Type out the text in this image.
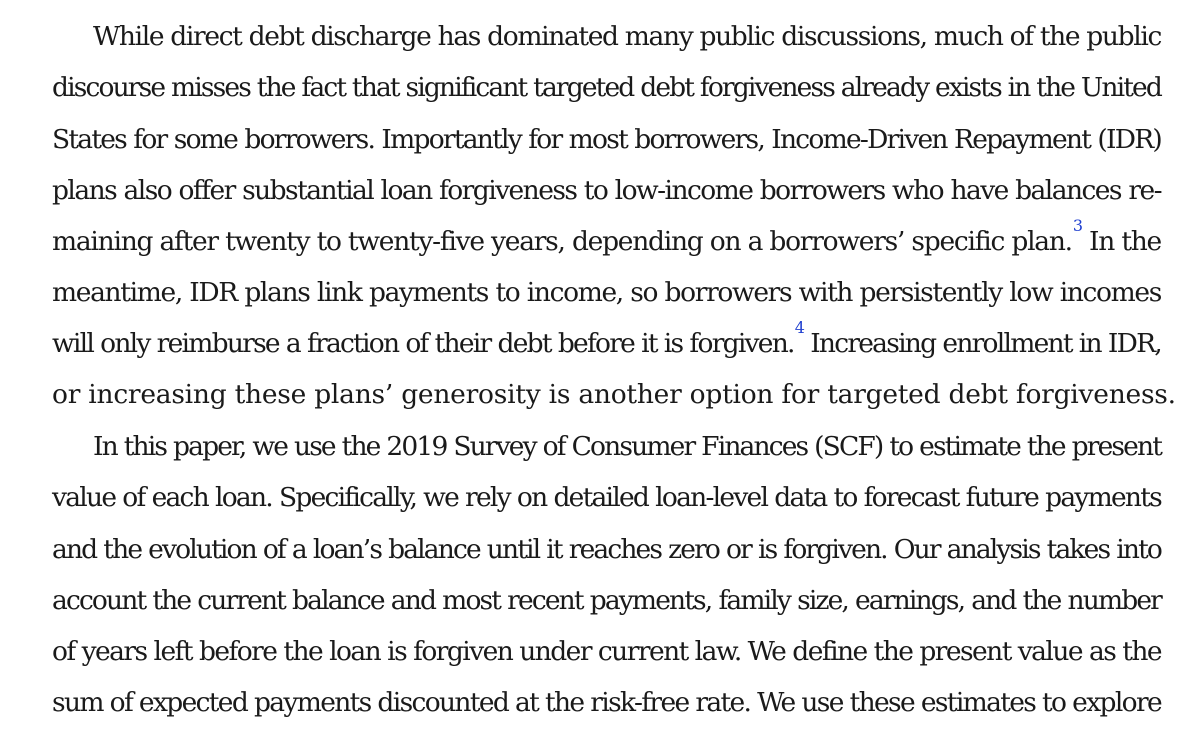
While direct debt discharge has dominated many public discussions, much of the public
discourse misses the fact that significant targeted debt forgiveness already exists in the United
States for some borrowers. Importantly for most borrowers, Income-Driven Repayment (IDR)
plans also offer substantial loan forgiveness to low-income borrowers who have balances re-
maining after twenty to twenty-five years, depending on a borrowers’ specific plan.$^3$ In the
meantime, IDR plans link payments to income, so borrowers with persistently low incomes
will only reimburse a fraction of their debt before it is forgiven.$^4$ Increasing enrollment in IDR,
or increasing these plans’ generosity is another option for targeted debt forgiveness.
In this paper, we use the 2019 Survey of Consumer Finances (SCF) to estimate the present
value of each loan. Specifically, we rely on detailed loan-level data to forecast future payments
and the evolution of a loan’s balance until it reaches zero or is forgiven. Our analysis takes into
account the current balance and most recent payments, family size, earnings, and the number
of years left before the loan is forgiven under current law. We define the present value as the
sum of expected payments discounted at the risk-free rate. We use these estimates to explore
